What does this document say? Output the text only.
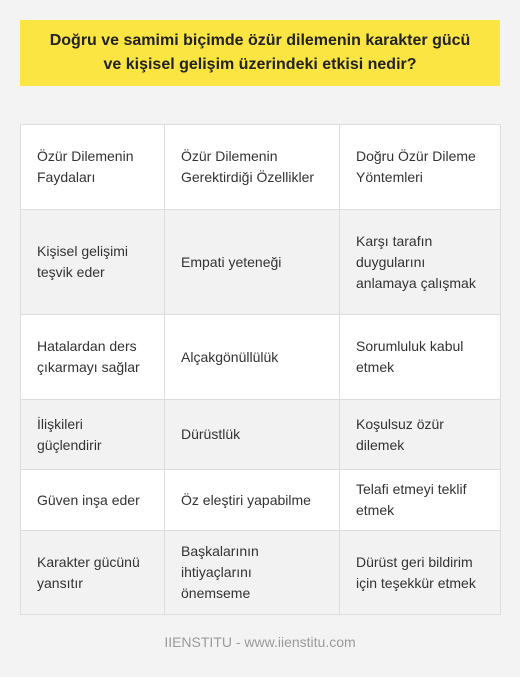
Doğru ve samimi biçimde özür dilemenin karakter gücü ve kişisel gelişim üzerindeki etkisi nedir?
Özür Dilemenin Faydaları	Özür Dilemenin Gerektirdiği Özellikler	Doğru Özür Dileme Yöntemleri
Kişisel gelişimi teşvik eder	Empati yeteneği	Karşı tarafın duygularını anlamaya çalışmak
Hatalardan ders çıkarmayı sağlar	Alçakgönüllülük	Sorumluluk kabul etmek
İlişkileri güçlendirir	Dürüstlük	Koşulsuz özür dilemek
Güven inşa eder	Öz eleştiri yapabilme	Telafi etmeyi teklif etmek
Karakter gücünü yansıtır	Başkalarının ihtiyaçlarını önemseme	Dürüst geri bildirim için teşekkür etmek
IIENSTITU - www.iienstitu.com
